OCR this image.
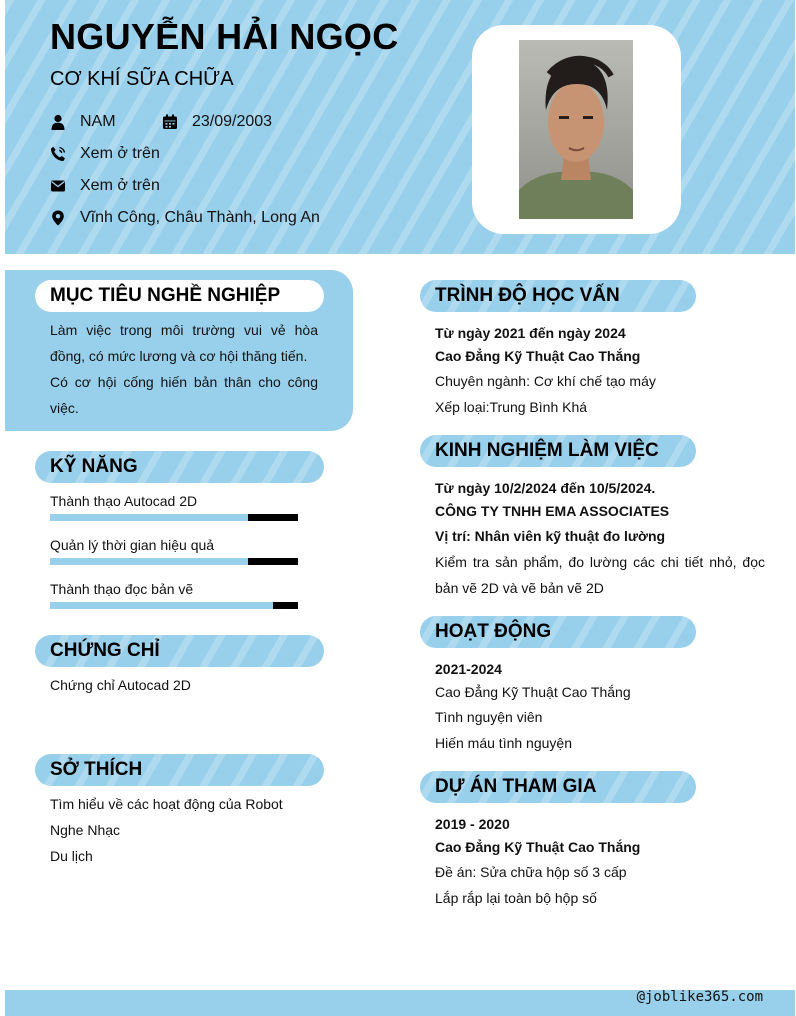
NGUYỄN HẢI NGỌC
CƠ KHÍ SỮA CHỮA
NAM	23/09/2003
Xem ở trên
Xem ở trên
Vĩnh Công, Châu Thành, Long An
MỤC TIÊU NGHỀ NGHIỆP
Làm việc trong môi trường vui vẻ hòa đồng, có mức lương và cơ hội thăng tiến.
Có cơ hội cống hiến bản thân cho công việc.
KỸ NĂNG
Thành thạo Autocad 2D
Quản lý thời gian hiệu quả
Thành thạo đọc bản vẽ
CHỨNG CHỈ
Chứng chỉ Autocad 2D
SỞ THÍCH
Tìm hiểu về các hoạt động của Robot
Nghe Nhạc
Du lịch
TRÌNH ĐỘ HỌC VẤN
Từ ngày 2021 đến ngày 2024
Cao Đẳng Kỹ Thuật Cao Thắng
Chuyên ngành: Cơ khí chế tạo máy
Xếp loại:Trung Bình Khá
KINH NGHIỆM LÀM VIỆC
Từ ngày 10/2/2024 đến 10/5/2024.
CÔNG TY TNHH EMA ASSOCIATES
Vị trí: Nhân viên kỹ thuật đo lường
Kiểm tra sản phẩm, đo lường các chi tiết nhỏ, đọc bản vẽ 2D và vẽ bản vẽ 2D
HOẠT ĐỘNG
2021-2024
Cao Đẳng Kỹ Thuật Cao Thắng
Tình nguyện viên
Hiến máu tình nguyện
DỰ ÁN THAM GIA
2019 - 2020
Cao Đẳng Kỹ Thuật Cao Thắng
Đề án: Sửa chữa hộp số 3 cấp
Lắp rắp lại toàn bộ hộp số
@joblike365.com
